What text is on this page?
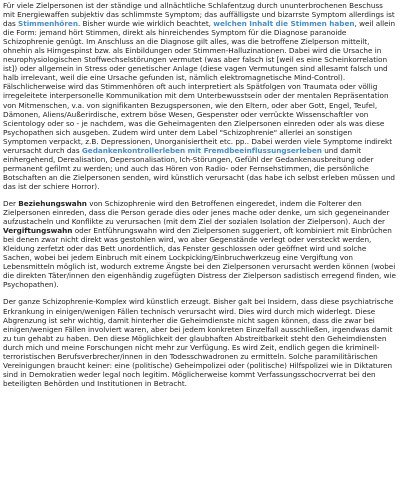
Für viele Zielpersonen ist der ständige und allnächtliche Schlafentzug durch ununterbrochenen Beschuss mit Energiewaffen subjektiv das schlimmste Symptom; das auffälligste und bizarrste Symptom allerdings ist das Stimmenhören. Bisher wurde wie wirklich beachtet, welchen Inhalt die Stimmen haben, weil allein die Form: jemand hört Stimmen, direkt als hinreichendes Symptom für die Diagnose paranoide Schizophrenie genügt. Im Anschluss an die Diagnose gilt alles, was die betroffene Zielperson mitteilt, ohnehin als Hirngespinst bzw. als Einbildungen oder Stimmen-Halluzinationen. Dabei wird die Ursache in neurophysiologischen Stoffwechselstörungen vermutet (was aber falsch ist [weil es eine Scheinkorrelation ist]) oder allgemein in Stress oder genetischer Anlage (diese vagen Vermutungen sind allesamt falsch und halb irrelevant, weil die eine Ursache gefunden ist, nämlich elektromagnetische Mind-Control). Fälschlicherweise wird das Stimmenhören oft auch interpretiert als Spätfolgen von Traumata oder völlig irregeleitete interpersonelle Kommunikation mit dem Unterbewusstsein oder der mentalen Repräsentation von Mitmenschen, v.a. von signifikanten Bezugspersonen, wie den Eltern, oder aber Gott, Engel, Teufel, Dämonen, Aliens/Außerirdische, extrem böse Wesen, Gespenster oder verrückte Wissenschaftler von Scientology oder so - je nachdem, was die Geheimagenten den Zielpersonen einreden oder als was diese Psychopathen sich ausgeben. Zudem wird unter dem Label "Schizophrenie" allerlei an sonstigen Symptomen verpackt, z.B. Depressionen, Unorganisiertheit etc. pp.. Dabei werden viele Symptome indirekt verursacht durch das Gedankenkontrollerleben mit Fremdbeeinflussungserleben und damit einhergehend, Derealisation, Depersonalisation, Ich-Störungen, Gefühl der Gedankenausbreitung oder permanent gefilmt zu werden; und auch das Hören von Radio- oder Fernsehstimmen, die persönliche Botschaften an die Zielpersonen senden, wird künstlich verursacht (das habe ich selbst erleben müssen und das ist der schiere Horror).

Der Beziehungswahn von Schizophrenie wird den Betroffenen eingeredet, indem die Folterer den Zielpersonen einreden, dass die Person gerade dies oder jenes mache oder denke, um sich gegeneinander aufzustacheln und Konflikte zu verursachen (mit dem Ziel der sozialen Isolation der Zielperson). Auch der Vergiftungswahn oder Entführungswahn wird den Zielpersonen suggeriert, oft kombiniert mit Einbrüchen bei denen zwar nicht direkt was gestohlen wird, wo aber Gegenstände verlegt oder versteckt werden, Kleidung zerfetzt oder das Bett unordentlich, das Fenster geschlossen oder geöffnet wird und solche Sachen, wobei bei jedem Einbruch mit einem Lockpicking/Einbruchwerkzeug eine Vergiftung von Lebensmitteln möglich ist, wodurch extreme Ängste bei den Zielpersonen verursacht werden können (wobei die direkten Täter/innen den eigenhändig zugefügten Distress der Zielperson sadistisch erregend finden, wie Psychopathen).

Der ganze Schizophrenie-Komplex wird künstlich erzeugt. Bisher galt bei Insidern, dass diese psychiatrische Erkrankung in einigen/wenigen Fällen technisch verursacht wird. Dies wird durch mich widerlegt. Diese Abgrenzung ist sehr wichtig, damit hinterher die Geheimdienste nicht sagen können, dass die zwar bei einigen/wenigen Fällen involviert waren, aber bei jedem konkreten Einzelfall ausschließen, irgendwas damit zu tun gehabt zu haben. Den diese Möglichkeit der glaubhaften Abstreitbarkeit steht den Geheimdiensten durch mich und meine Forschungen nicht mehr zur Verfügung. Es wird Zeit, endlich gegen die kriminell-terroristischen Berufsverbrecher/innen in den Todesschwadronen zu ermitteln. Solche paramilitärischen Vereinigungen braucht keiner: eine (politische) Geheimpolizei oder (politische) Hilfspolizei wie in Diktaturen sind in Demokratien weder legal noch legitim. Möglicherweise kommt Verfassungsschocrverrat bei den beteiligten Behörden und Institutionen in Betracht.
